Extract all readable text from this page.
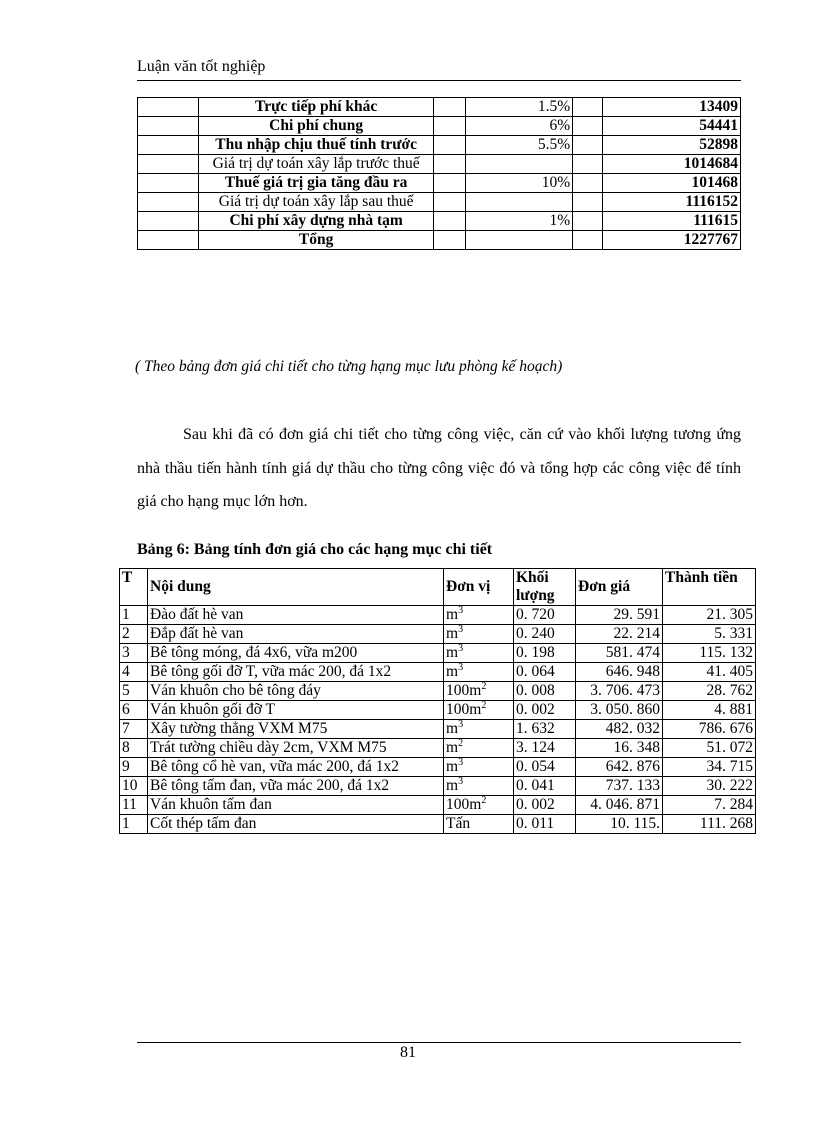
Luận văn tốt nghiệp
	Trực tiếp phí khác		1.5%		13409
	Chi phí chung		6%		54441
	Thu nhập chịu thuế tính trước		5.5%		52898
	Giá trị dự toán xây lắp trước thuế				1014684
	Thuế giá trị gia tăng đầu ra		10%		101468
	Giá trị dự toán xây lắp sau thuế				1116152
	Chi phí xây dựng nhà tạm		1%		111615
	Tổng				1227767
( Theo bảng đơn giá chi tiết cho từng hạng mục lưu phòng kế hoạch)

Sau khi đã có đơn giá chi tiết cho từng công việc, căn cứ vào khối lượng tương ứng nhà thầu tiến hành tính giá dự thầu cho từng công việc đó và tổng hợp các công việc để tính giá cho hạng mục lớn hơn.

Bảng 6: Bảng tính đơn giá cho các hạng mục chi tiết
T	Nội dung	Đơn vị	Khối lượng	Đơn giá	Thành tiền
1	Đào đất hè van	$m^3$	0. 720	29. 591	21. 305
2	Đắp đất hè van	$m^3$	0. 240	22. 214	5. 331
3	Bê tông móng, đá 4x6, vữa m200	$m^3$	0. 198	581. 474	115. 132
4	Bê tông gối đỡ T, vữa mác 200, đá 1x2	$m^3$	0. 064	646. 948	41. 405
5	Ván khuôn cho bê tông đáy	$100m^2$	0. 008	3. 706. 473	28. 762
6	Ván khuôn gối đỡ T	$100m^2$	0. 002	3. 050. 860	4. 881
7	Xây tường thẳng VXM M75	$m^3$	1. 632	482. 032	786. 676
8	Trát tường chiều dày 2cm, VXM M75	$m^2$	3. 124	16. 348	51. 072
9	Bê tông cổ hè van, vữa mác 200, đá 1x2	$m^3$	0. 054	642. 876	34. 715
10	Bê tông tấm đan, vữa mác 200, đá 1x2	$m^3$	0. 041	737. 133	30. 222
11	Ván khuôn tấm đan	$100m^2$	0. 002	4. 046. 871	7. 284
1	Cốt thép tấm đan	Tấn	0. 011	10. 115.	111. 268
81
